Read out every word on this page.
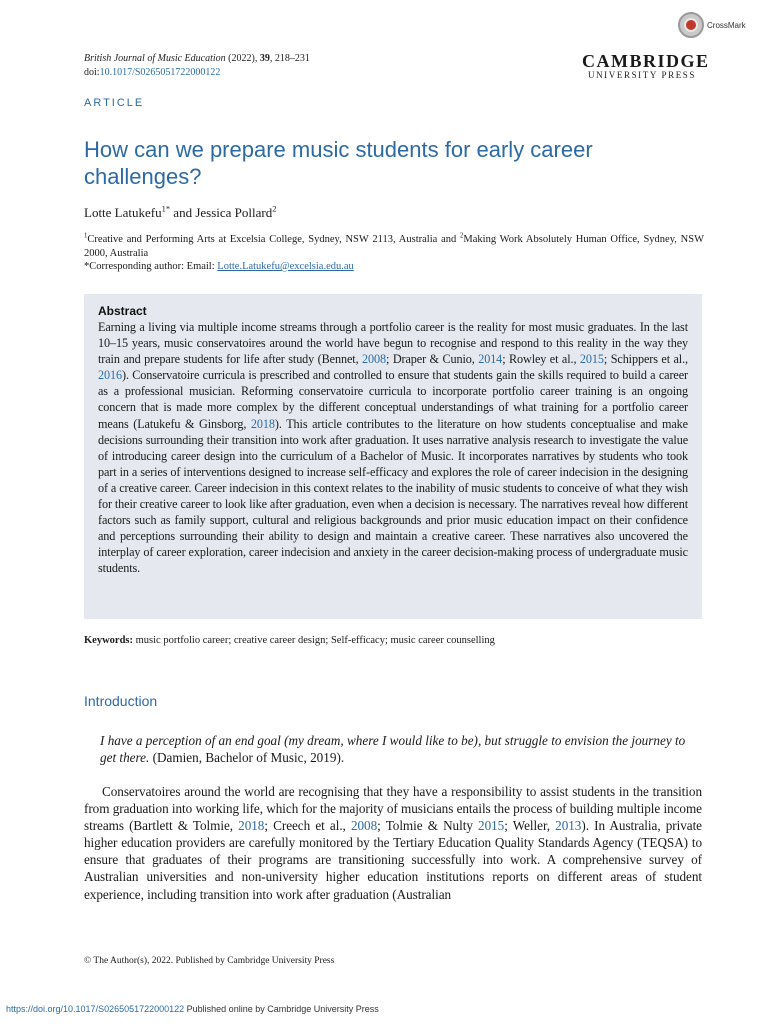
British Journal of Music Education (2022), 39, 218–231
doi:10.1017/S0265051722000122
CrossMark
CAMBRIDGE
UNIVERSITY PRESS
ARTICLE
How can we prepare music students for early career challenges?
Lotte Latukefu$^{1*}$ and Jessica Pollard$^2$
$^1$Creative and Performing Arts at Excelsia College, Sydney, NSW 2113, Australia and $^2$Making Work Absolutely Human Office, Sydney, NSW 2000, Australia
*Corresponding author: Email: Lotte.Latukefu@excelsia.edu.au
Abstract
Earning a living via multiple income streams through a portfolio career is the reality for most music graduates. In the last 10–15 years, music conservatoires around the world have begun to recognise and respond to this reality in the way they train and prepare students for life after study (Bennet, 2008; Draper & Cunio, 2014; Rowley et al., 2015; Schippers et al., 2016). Conservatoire curricula is prescribed and controlled to ensure that students gain the skills required to build a career as a professional musician. Reforming conservatoire curricula to incorporate portfolio career training is an ongoing concern that is made more complex by the different conceptual understandings of what training for a portfolio career means (Latukefu & Ginsborg, 2018). This article contributes to the literature on how students conceptualise and make decisions surrounding their transition into work after graduation. It uses narrative analysis research to investigate the value of introducing career design into the curriculum of a Bachelor of Music. It incorporates narratives by students who took part in a series of interventions designed to increase self-efficacy and explores the role of career indecision in the designing of a creative career. Career indecision in this context relates to the inability of music students to conceive of what they wish for their creative career to look like after graduation, even when a decision is necessary. The narratives reveal how different factors such as family support, cultural and religious backgrounds and prior music education impact on their confidence and perceptions surrounding their ability to design and maintain a creative career. These narratives also uncovered the interplay of career exploration, career indecision and anxiety in the career decision-making process of undergraduate music students.
Keywords: music portfolio career; creative career design; Self-efficacy; music career counselling
Introduction
I have a perception of an end goal (my dream, where I would like to be), but struggle to envision the journey to get there. (Damien, Bachelor of Music, 2019).
Conservatoires around the world are recognising that they have a responsibility to assist students in the transition from graduation into working life, which for the majority of musicians entails the process of building multiple income streams (Bartlett & Tolmie, 2018; Creech et al., 2008; Tolmie & Nulty 2015; Weller, 2013). In Australia, private higher education providers are carefully monitored by the Tertiary Education Quality Standards Agency (TEQSA) to ensure that graduates of their programs are transitioning successfully into work. A comprehensive survey of Australian universities and non-university higher education institutions reports on different areas of student experience, including transition into work after graduation (Australian
© The Author(s), 2022. Published by Cambridge University Press
https://doi.org/10.1017/S0265051722000122 Published online by Cambridge University Press
